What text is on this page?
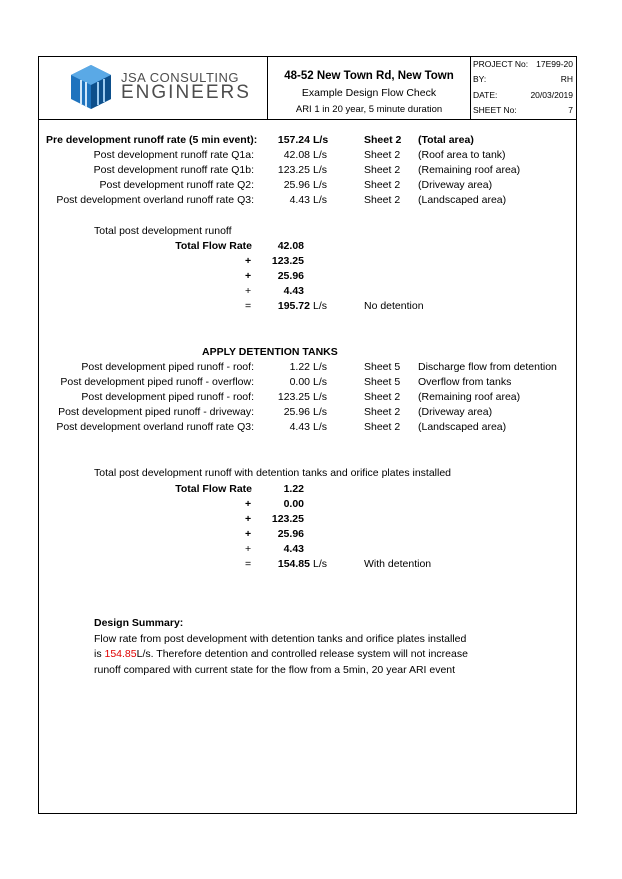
JSA CONSULTING
ENGINEERS
48-52 New Town Rd, New Town
Example Design Flow Check
ARI 1 in 20 year, 5 minute duration
PROJECT No: 17E99-20
BY:	RH
DATE:	20/03/2019
SHEET No:	7
Pre development runoff rate (5 min event):	157.24 L/s	Sheet 2 (Total area)
Post development runoff rate Q1a:	42.08 L/s	Sheet 2 (Roof area to tank)
Post development runoff rate Q1b:	123.25 L/s	Sheet 2 (Remaining roof area)
Post development runoff rate Q2:	25.96 L/s	Sheet 2 (Driveway area)
Post development overland runoff rate Q3:	4.43 L/s	Sheet 2 (Landscaped area)
Total post development runoff
Total Flow Rate	42.08
+	123.25
+	25.96
+	4.43
=	195.72 L/s	No detention
APPLY DETENTION TANKS
Post development piped runoff - roof:	1.22 L/s	Sheet 5 Discharge flow from detention
Post development piped runoff - overflow:	0.00 L/s	Sheet 5 Overflow from tanks
Post development piped runoff - roof:	123.25 L/s	Sheet 2 (Remaining roof area)
Post development piped runoff - driveway:	25.96 L/s	Sheet 2 (Driveway area)
Post development overland runoff rate Q3:	4.43 L/s	Sheet 2 (Landscaped area)
Total post development runoff with detention tanks and orifice plates installed
Total Flow Rate	1.22
+	0.00
+	123.25
+	25.96
+	4.43
=	154.85 L/s	With detention
Design Summary:
Flow rate from post development with detention tanks and orifice plates installed is 154.85L/s. Therefore detention and controlled release system will not increase runoff compared with current state for the flow from a 5min, 20 year ARI event
